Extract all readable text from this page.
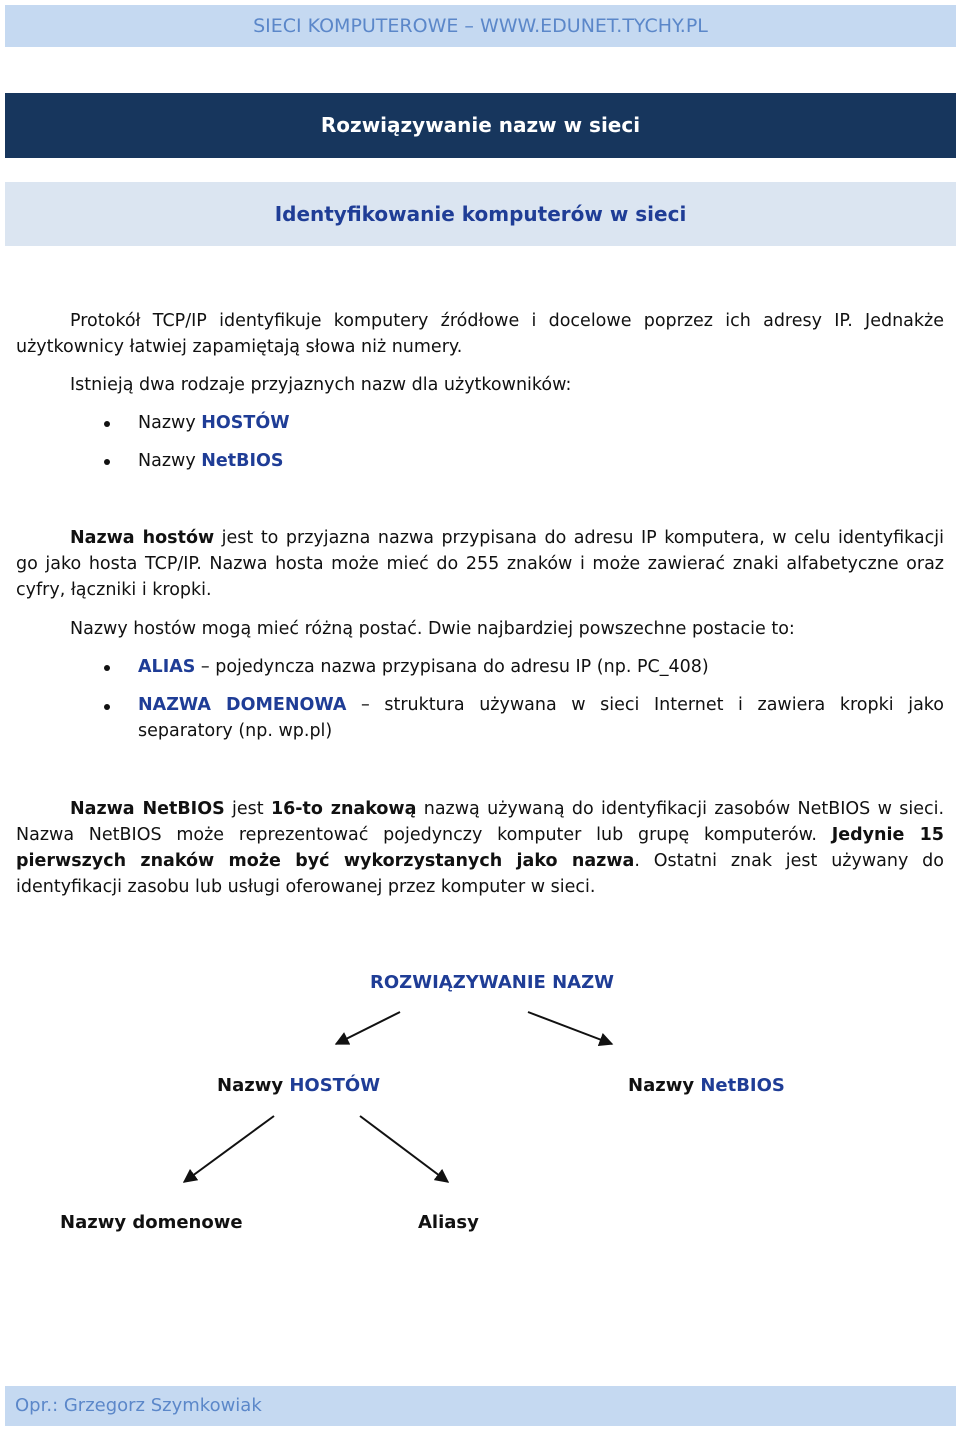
SIECI KOMPUTEROWE – WWW.EDUNET.TYCHY.PL
Rozwiązywanie nazw w sieci
Identyfikowanie komputerów w sieci
Protokół TCP/IP identyfikuje komputery źródłowe i docelowe poprzez ich adresy IP. Jednakże użytkownicy łatwiej zapamiętają słowa niż numery.
Istnieją dwa rodzaje przyjaznych nazw dla użytkowników:
Nazwy HOSTÓW
Nazwy NetBIOS
Nazwa hostów jest to przyjazna nazwa przypisana do adresu IP komputera, w celu identyfikacji go jako hosta TCP/IP. Nazwa hosta może mieć do 255 znaków i może zawierać znaki alfabetyczne oraz cyfry, łączniki i kropki.
Nazwy hostów mogą mieć różną postać. Dwie najbardziej powszechne postacie to:
ALIAS – pojedyncza nazwa przypisana do adresu IP (np. PC_408)
NAZWA DOMENOWA – struktura używana w sieci Internet i zawiera kropki jako separatory (np. wp.pl)
Nazwa NetBIOS jest 16-to znakową nazwą używaną do identyfikacji zasobów NetBIOS w sieci. Nazwa NetBIOS może reprezentować pojedynczy komputer lub grupę komputerów. Jedynie 15 pierwszych znaków może być wykorzystanych jako nazwa. Ostatni znak jest używany do identyfikacji zasobu lub usługi oferowanej przez komputer w sieci.
ROZWIĄZYWANIE NAZW
Nazwy HOSTÓW	Nazwy NetBIOS
Nazwy domenowe	Aliasy
Opr.: Grzegorz Szymkowiak
